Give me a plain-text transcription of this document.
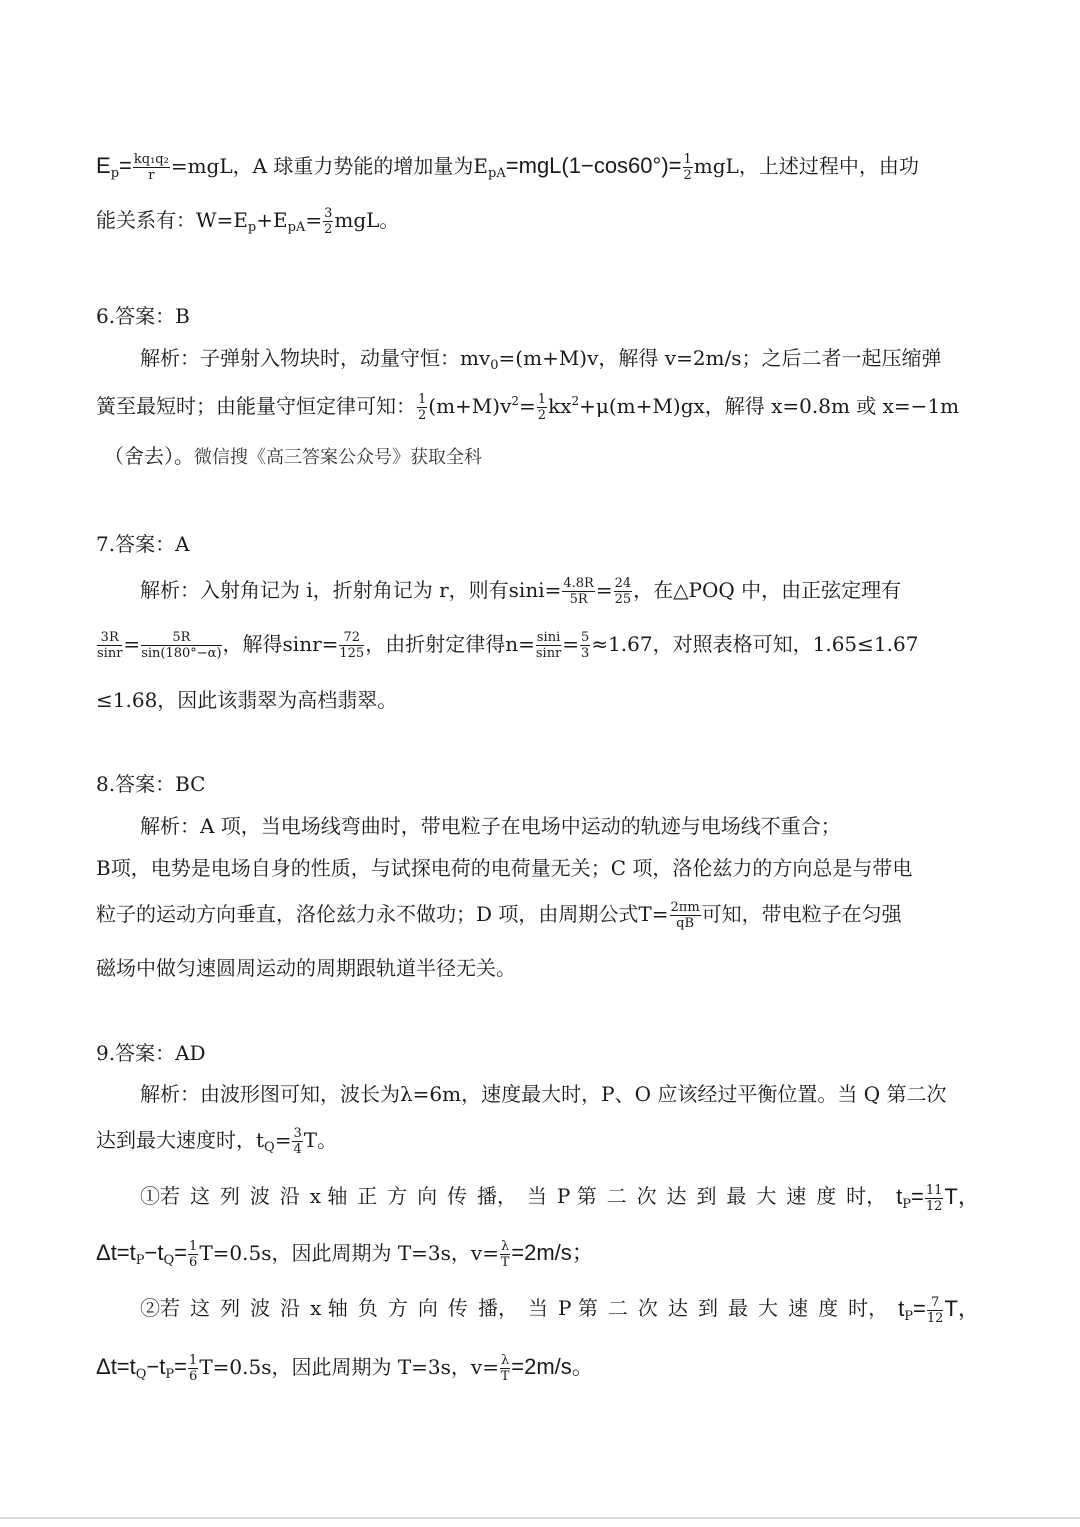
$E_p= \frac{\text{kq₁q₂}}{r} =mgL$，A 球重力势能的增加量为$E_{pA}=mgL(1-\cos 60^\circ)= \frac{1}{2}$ mgL，上述过程中，由功
能关系有：$W=E_p+E_{pA}= \frac{3}{2}$ mgL。
6.答案：B
解析：子弹射入物块时，动量守恒：$mv_0=(m+M)v$，解得 v=2m/s；之后二者一起压缩弹
簧至最短时；由能量守恒定律可知： $\frac{1}{2} (m+M)v^2= \frac{1}{2} kx^2+\mu(m+M)gx$，解得 x=0.8m 或 x=−1m
（舍去）。微信搜《高三答案公众号》获取全科
7.答案：A
解析：入射角记为 i，折射角记为 r，则有$\sin i= \frac{4.8R}{5R} = \frac{24}{25}$ ，在△POQ 中，由正弦定理有
$\frac{3R}{\sin r} = \frac{5R}{\sin(180^\circ-\alpha)}$ ，解得$\sin r= \frac{72}{125}$ ，由折射定律得$n= \frac{\sin i}{\sin r} = \frac{5}{3} \approx 1.67$，对照表格可知，1.65≤1.67
≤1.68，因此该翡翠为高档翡翠。
8.答案：BC
解析：A 项，当电场线弯曲时，带电粒子在电场中运动的轨迹与电场线不重合；
B项，电势是电场自身的性质，与试探电荷的电荷量无关；C 项，洛伦兹力的方向总是与带电
粒子的运动方向垂直，洛伦兹力永不做功；D 项，由周期公式$T= \frac{2\pi m}{qB}$ 可知，带电粒子在匀强
磁场中做匀速圆周运动的周期跟轨道半径无关。
9.答案：AD
解析：由波形图可知，波长为λ=6m，速度最大时，P、O 应该经过平衡位置。当 Q 第二次
达到最大速度时，$t_Q= \frac{3}{4}$ T。
①若 这 列 波 沿 x 轴 正 方 向 传 播， 当 P 第 二 次 达 到 最 大 速 度 时， $t_P= \frac{11}{12}$ T，
$\Delta t=t_P-t_Q= \frac{1}{6} T=0.5s$，因此周期为 T=3s，$v= \frac{\lambda}{T} =2m/s$；
②若 这 列 波 沿 x 轴 负 方 向 传 播， 当 P 第 二 次 达 到 最 大 速 度 时， $t_P= \frac{7}{12}$ T，
$\Delta t=t_Q-t_P= \frac{1}{6} T=0.5s$，因此周期为 T=3s，$v= \frac{\lambda}{T} =2m/s$。
